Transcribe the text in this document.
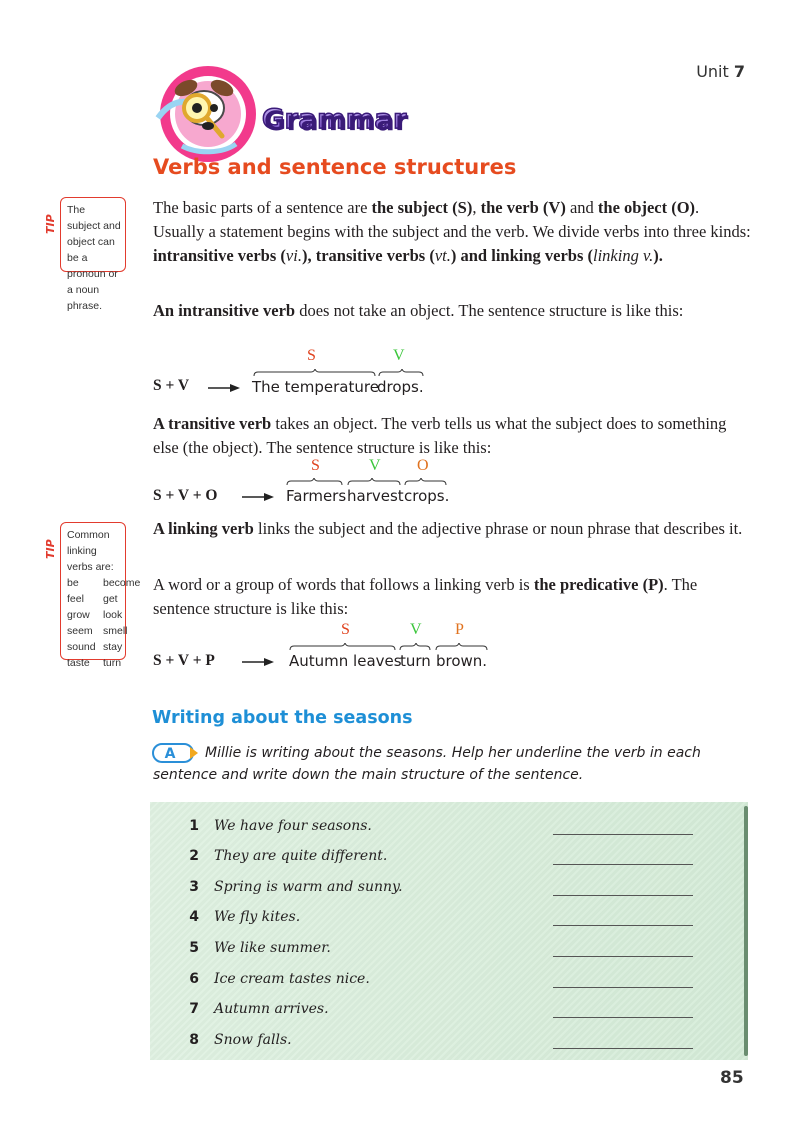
Unit 7
Grammar
Verbs and sentence structures
TIP
The subject and object can be a pronoun or a noun phrase.
The basic parts of a sentence are the subject (S), the verb (V) and the object (O). Usually a statement begins with the subject and the verb. We divide verbs into three kinds: intransitive verbs (vi.), transitive verbs (vt.) and linking verbs (linking v.).
An intransitive verb does not take an object. The sentence structure is like this:
S	V
S + V	The temperature
drops.
A transitive verb takes an object. The verb tells us what the subject does to something else (the object). The sentence structure is like this:
S	V O
S + V + O	Farmers harvest crops.
TIP
Common linking verbs are:
be	become
feel	get
grow	look
seem smell
sound stay
taste	turn
A linking verb links the subject and the adjective phrase or noun phrase that describes it.
A word or a group of words that follows a linking verb is the predicative (P). The sentence structure is like this:
S	V P
S + V + P	Autumn leaves
turn brown.
Writing about the seasons
A	Millie is writing about the seasons. Help her underline the verb in each sentence and write down the main structure of the sentence.
1 We have four seasons.
2 They are quite different.
3 Spring is warm and sunny.
4 We fly kites.
5 We like summer.
6 Ice cream tastes nice.
7 Autumn arrives.
8 Snow falls.
85
